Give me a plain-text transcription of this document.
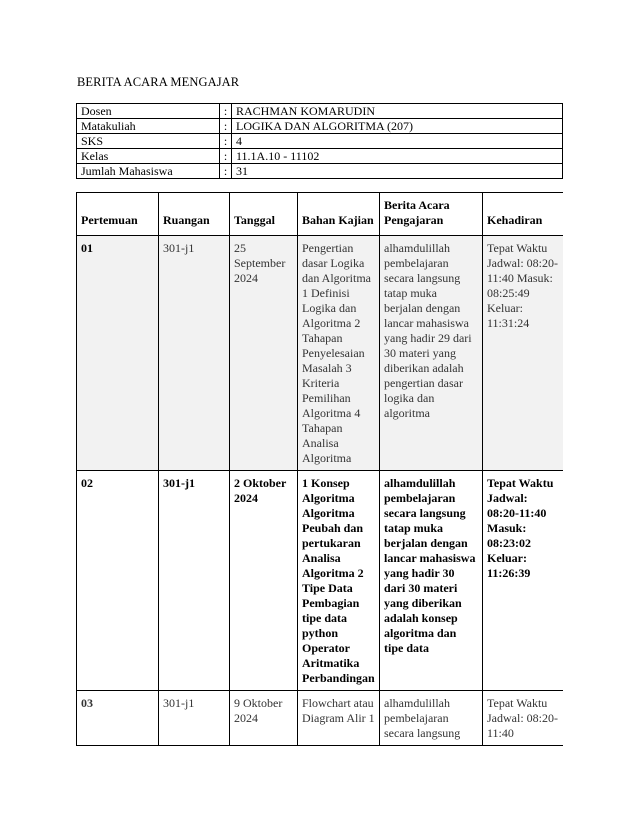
BERITA ACARA MENGAJAR
Dosen	:	RACHMAN KOMARUDIN
Matakuliah	:	LOGIKA DAN ALGORITMA (207)
SKS	:	4
Kelas	:	11.1A.10 - 11102
Jumlah Mahasiswa	:	31
Pertemuan	Ruangan	Tanggal	Bahan Kajian	Berita Acara Pengajaran	Kehadiran
01	301-j1	25 September 2024	Pengertian dasar Logika dan Algoritma 1 Definisi Logika dan Algoritma 2 Tahapan Penyelesaian Masalah 3 Kriteria Pemilihan Algoritma 4 Tahapan Analisa Algoritma	alhamdulillah pembelajaran secara langsung tatap muka berjalan dengan lancar mahasiswa yang hadir 29 dari 30 materi yang diberikan adalah pengertian dasar logika dan algoritma	Tepat Waktu Jadwal: 08:20-11:40 Masuk: 08:25:49 Keluar: 11:31:24
02	301-j1	2 Oktober 2024	1 Konsep Algoritma Algoritma Peubah dan pertukaran Analisa Algoritma 2 Tipe Data Pembagian tipe data python Operator Aritmatika Perbandingan	alhamdulillah pembelajaran secara langsung tatap muka berjalan dengan lancar mahasiswa yang hadir 30 dari 30 materi yang diberikan adalah konsep algoritma dan tipe data	Tepat Waktu Jadwal: 08:20-11:40 Masuk: 08:23:02 Keluar: 11:26:39
03	301-j1	9 Oktober 2024	Flowchart atau Diagram Alir 1	alhamdulillah pembelajaran secara langsung	Tepat Waktu Jadwal: 08:20-11:40
